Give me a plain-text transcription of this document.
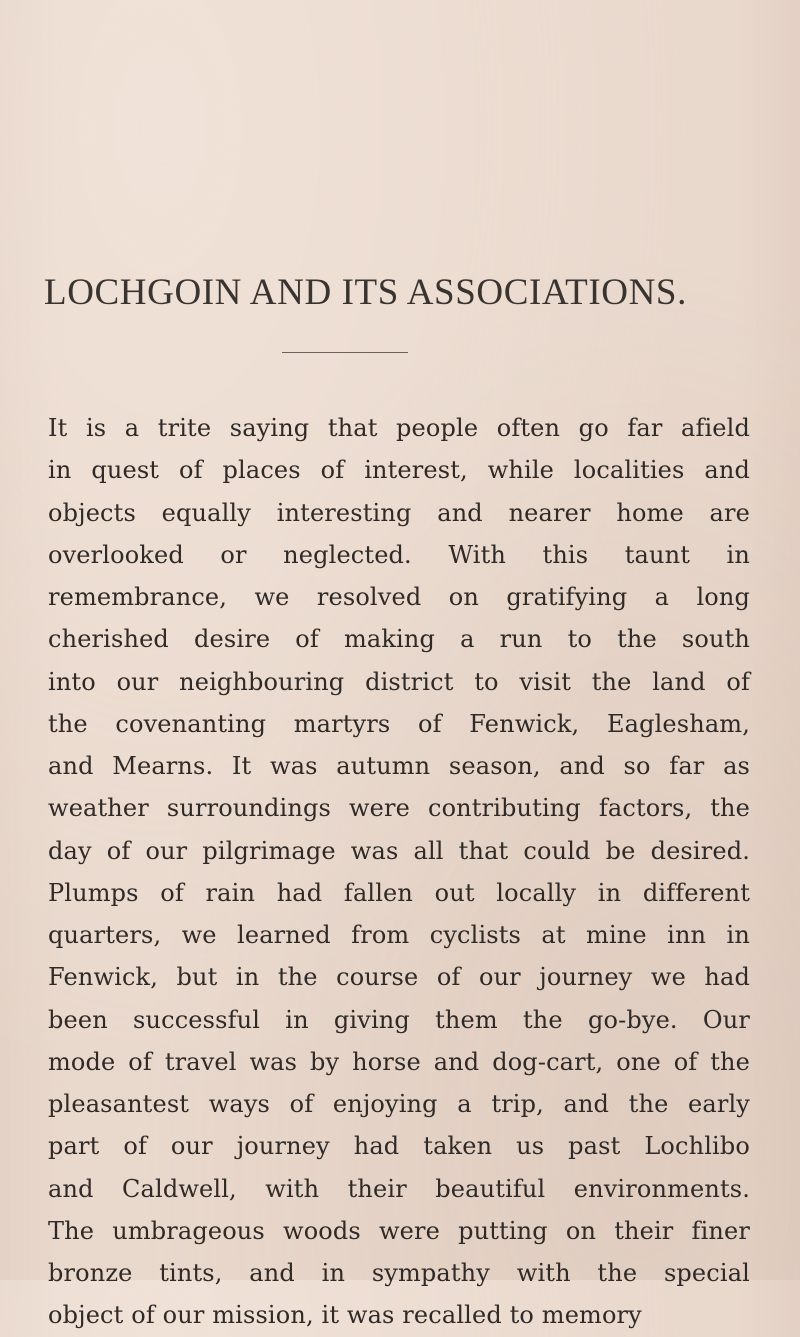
LOCHGOIN AND ITS ASSOCIATIONS.
It is a trite saying that people often go far afield
in quest of places of interest, while localities and
objects equally interesting and nearer home are
overlooked or neglected. With this taunt in
remembrance, we resolved on gratifying a long
cherished desire of making a run to the south
into our neighbouring district to visit the land of
the covenanting martyrs of Fenwick, Eaglesham,
and Mearns. It was autumn season, and so far as
weather surroundings were contributing factors, the
day of our pilgrimage was all that could be desired.
Plumps of rain had fallen out locally in different
quarters, we learned from cyclists at mine inn in
Fenwick, but in the course of our journey we had
been successful in giving them the go-bye. Our
mode of travel was by horse and dog-cart, one of the
pleasantest ways of enjoying a trip, and the early
part of our journey had taken us past Lochlibo
and Caldwell, with their beautiful environments.
The umbrageous woods were putting on their finer
bronze tints, and in sympathy with the special
object of our mission, it was recalled to memory
